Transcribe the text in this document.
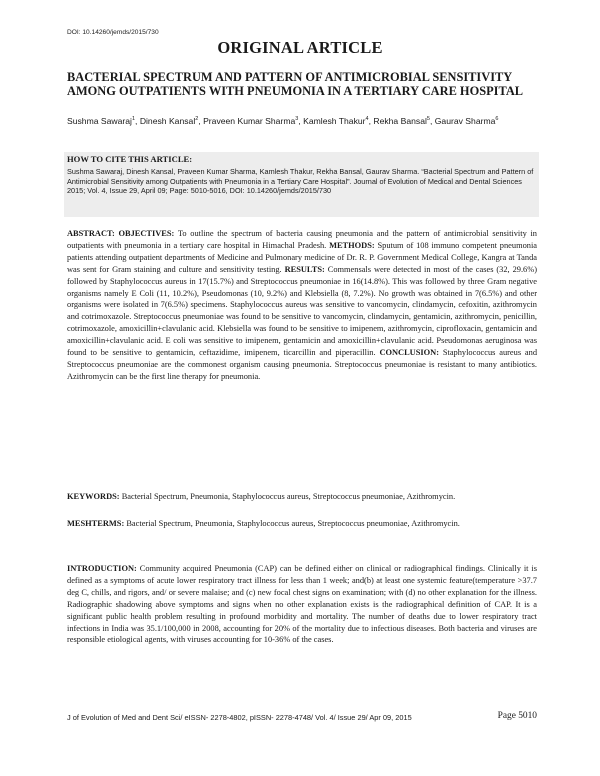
DOI: 10.14260/jemds/2015/730
ORIGINAL ARTICLE
BACTERIAL SPECTRUM AND PATTERN OF ANTIMICROBIAL SENSITIVITY AMONG OUTPATIENTS WITH PNEUMONIA IN A TERTIARY CARE HOSPITAL
Sushma Sawaraj$^1$, Dinesh Kansal$^2$, Praveen Kumar Sharma$^3$, Kamlesh Thakur$^4$, Rekha Bansal$^5$, Gaurav Sharma$^6$
HOW TO CITE THIS ARTICLE:
Sushma Sawaraj, Dinesh Kansal, Praveen Kumar Sharma, Kamlesh Thakur, Rekha Bansal, Gaurav Sharma. “Bacterial Spectrum and Pattern of Antimicrobial Sensitivity among Outpatients with Pneumonia in a Tertiary Care Hospital”. Journal of Evolution of Medical and Dental Sciences 2015; Vol. 4, Issue 29, April 09; Page: 5010-5016, DOI: 10.14260/jemds/2015/730
ABSTRACT: OBJECTIVES: To outline the spectrum of bacteria causing pneumonia and the pattern of antimicrobial sensitivity in outpatients with pneumonia in a tertiary care hospital in Himachal Pradesh. METHODS: Sputum of 108 immuno competent pneumonia patients attending outpatient departments of Medicine and Pulmonary medicine of Dr. R. P. Government Medical College, Kangra at Tanda was sent for Gram staining and culture and sensitivity testing. RESULTS: Commensals were detected in most of the cases (32, 29.6%) followed by Staphylococcus aureus in 17(15.7%) and Streptococcus pneumoniae in 16(14.8%). This was followed by three Gram negative organisms namely E Coli (11, 10.2%), Pseudomonas (10, 9.2%) and Klebsiella (8, 7.2%). No growth was obtained in 7(6.5%) and other organisms were isolated in 7(6.5%) specimens. Staphylococcus aureus was sensitive to vancomycin, clindamycin, cefoxitin, azithromycin and cotrimoxazole. Streptococcus pneumoniae was found to be sensitive to vancomycin, clindamycin, gentamicin, azithromycin, penicillin, cotrimoxazole, amoxicillin+clavulanic acid. Klebsiella was found to be sensitive to imipenem, azithromycin, ciprofloxacin, gentamicin and amoxicillin+clavulanic acid. E coli was sensitive to imipenem, gentamicin and amoxicillin+clavulanic acid. Pseudomonas aeruginosa was found to be sensitive to gentamicin, ceftazidime, imipenem, ticarcillin and piperacillin. CONCLUSION: Staphylococcus aureus and Streptococcus pneumoniae are the commonest organism causing pneumonia. Streptococcus pneumoniae is resistant to many antibiotics. Azithromycin can be the first line therapy for pneumonia.
KEYWORDS: Bacterial Spectrum, Pneumonia, Staphylococcus aureus, Streptococcus pneumoniae, Azithromycin.
MESHTERMS: Bacterial Spectrum, Pneumonia, Staphylococcus aureus, Streptococcus pneumoniae, Azithromycin.
INTRODUCTION: Community acquired Pneumonia (CAP) can be defined either on clinical or radiographical findings. Clinically it is defined as a symptoms of acute lower respiratory tract illness for less than 1 week; and(b) at least one systemic feature(temperature >37.7 deg C, chills, and rigors, and/ or severe malaise; and (c) new focal chest signs on examination; with (d) no other explanation for the illness. Radiographic shadowing above symptoms and signs when no other explanation exists is the radiographical definition of CAP. It is a significant public health problem resulting in profound morbidity and mortality. The number of deaths due to lower respiratory tract infections in India was 35.1/100,000 in 2008, accounting for 20% of the mortality due to infectious diseases. Both bacteria and viruses are responsible etiological agents, with viruses accounting for 10-36% of the cases.
J of Evolution of Med and Dent Sci/ eISSN- 2278-4802, pISSN- 2278-4748/ Vol. 4/ Issue 29/ Apr 09, 2015	Page 5010
